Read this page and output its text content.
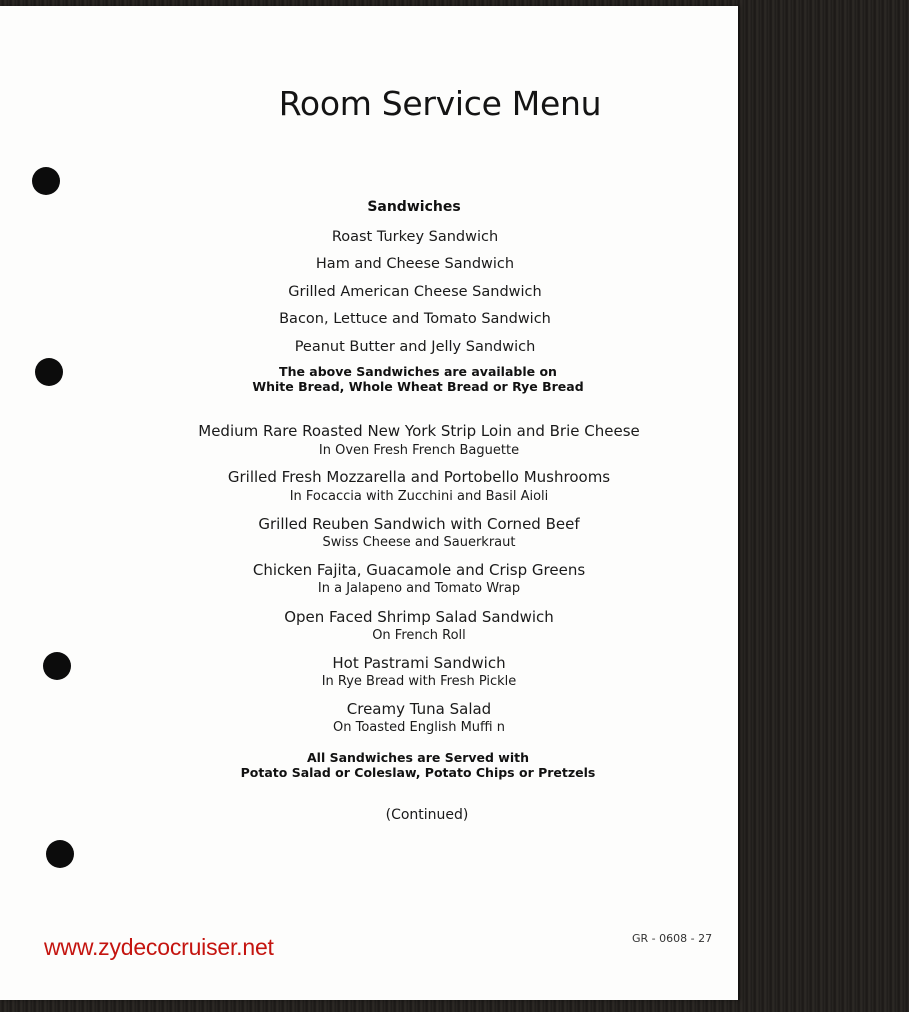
Room Service Menu
Sandwiches
Roast Turkey Sandwich
Ham and Cheese Sandwich
Grilled American Cheese Sandwich
Bacon, Lettuce and Tomato Sandwich
Peanut Butter and Jelly Sandwich
The above Sandwiches are available on
White Bread, Whole Wheat Bread or Rye Bread
Medium Rare Roasted New York Strip Loin and Brie Cheese
In Oven Fresh French Baguette
Grilled Fresh Mozzarella and Portobello Mushrooms
In Focaccia with Zucchini and Basil Aioli
Grilled Reuben Sandwich with Corned Beef
Swiss Cheese and Sauerkraut
Chicken Fajita, Guacamole and Crisp Greens
In a Jalapeno and Tomato Wrap
Open Faced Shrimp Salad Sandwich
On French Roll
Hot Pastrami Sandwich
In Rye Bread with Fresh Pickle
Creamy Tuna Salad
On Toasted English Muffi n
All Sandwiches are Served with
Potato Salad or Coleslaw, Potato Chips or Pretzels
(Continued)
GR - 0608 - 27
www.zydecocruiser.net
